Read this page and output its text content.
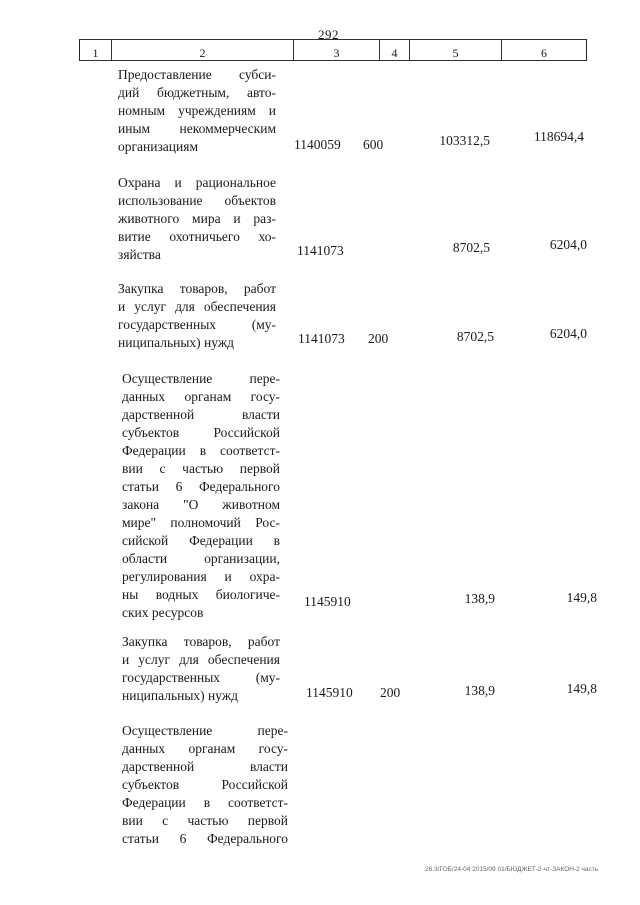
292
1	2	3	4	5	6
Предоставление субси-
дий бюджетным, авто-
номным учреждениям и
иным некоммерческим
организациям	1140059 600	103312,5	118694,4
Охрана и рациональное
использование объектов
животного мира и раз-
витие охотничьего хо-
зяйства	1141073	8702,5	6204,0
Закупка товаров, работ
и услуг для обеспечения
государственных (му-
ниципальных) нужд	1141073 200	8702,5	6204,0
Осуществление пере-
данных органам госу-
дарственной власти
субъектов Российской
Федерации в соответст-
вии с частью первой
статьи 6 Федерального
закона "О животном
мире" полномочий Рос-
сийской Федерации в
области организации,
регулирования и охра-
ны водных биологиче-
ских ресурсов
1145910	138,9	149,8
Закупка товаров, работ
и услуг для обеспечения
государственных (му-
ниципальных) нужд	1145910 200	138,9	149,8
Осуществление пере-
данных органам госу-
дарственной власти
субъектов Российской
Федерации в соответст-
вии с частью первой
статьи 6 Федерального
26.3/ГОБ/24-04 2015/09 01/БЮДЖЕТ-2-чт-ЗАКОН-2 часть
